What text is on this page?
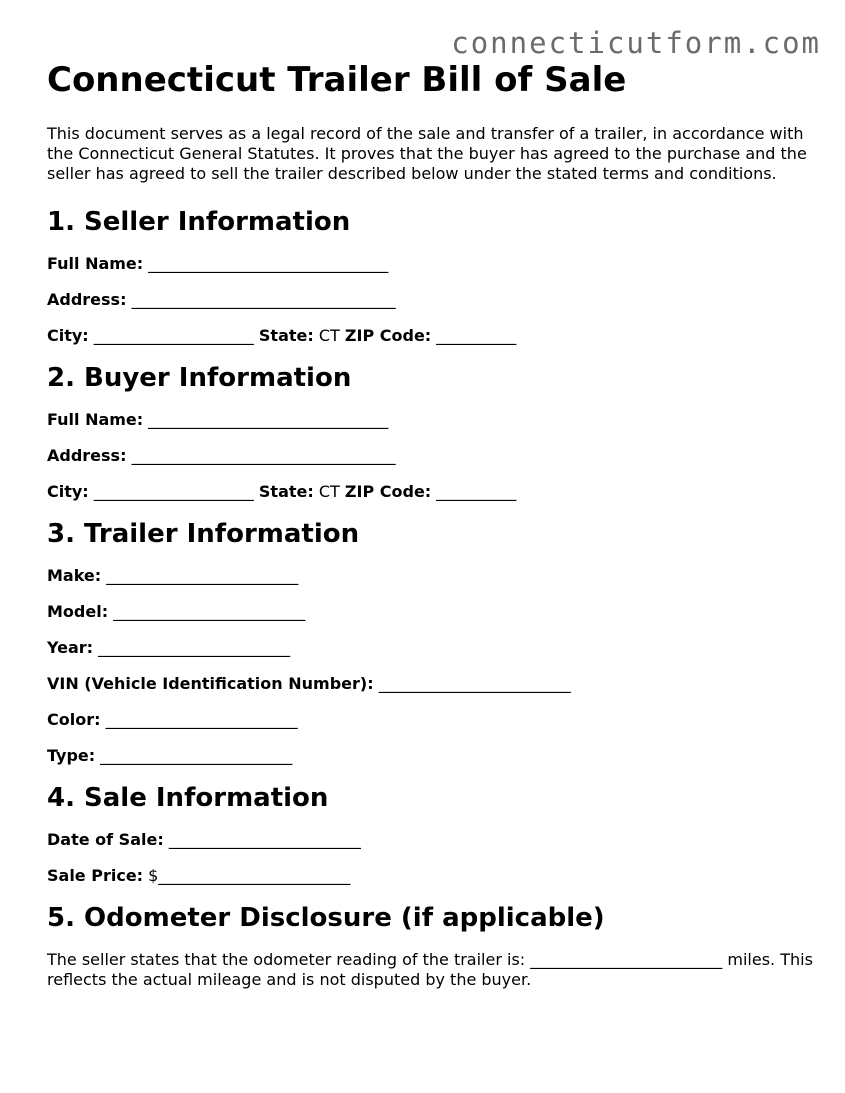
connecticutform.com
Connecticut Trailer Bill of Sale

This document serves as a legal record of the sale and transfer of a trailer, in accordance with the Connecticut General Statutes. It proves that the buyer has agreed to the purchase and the seller has agreed to sell the trailer described below under the stated terms and conditions.

1. Seller Information
Full Name: ______________________________
Address: _________________________________
City: ____________________ State: CT ZIP Code: __________
2. Buyer Information
Full Name: ______________________________
Address: _________________________________
City: ____________________ State: CT ZIP Code: __________
3. Trailer Information
Make: ________________________
Model: ________________________
Year: ________________________
VIN (Vehicle Identification Number): ________________________
Color: ________________________
Type: ________________________
4. Sale Information
Date of Sale: ________________________
Sale Price: $________________________
5. Odometer Disclosure (if applicable)

The seller states that the odometer reading of the trailer is: ________________________ miles. This reflects the actual mileage and is not disputed by the buyer.
